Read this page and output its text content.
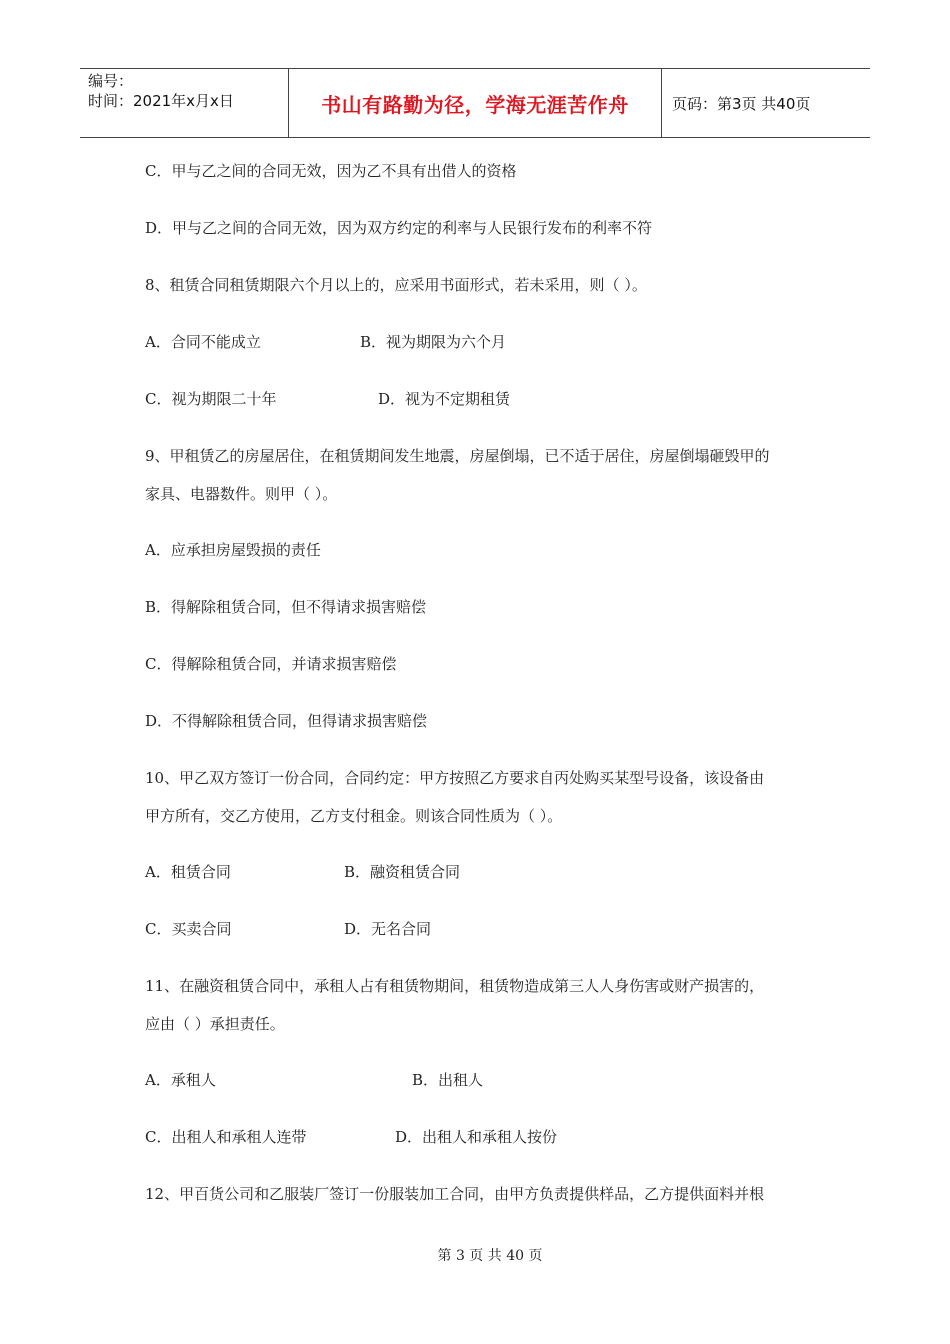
编号：
时间：2021年x月x日	书山有路勤为径，学海无涯苦作舟	页码：第3页 共40页
C．甲与乙之间的合同无效，因为乙不具有出借人的资格
D．甲与乙之间的合同无效，因为双方约定的利率与人民银行发布的利率不符
8、租赁合同租赁期限六个月以上的，应采用书面形式，若未采用，则（ ）。
A．合同不能成立	B．视为期限为六个月
C．视为期限二十年	D．视为不定期租赁
9、甲租赁乙的房屋居住，在租赁期间发生地震，房屋倒塌，已不适于居住，房屋倒塌砸毁甲的
家具、电器数件。则甲（ ）。
A．应承担房屋毁损的责任
B．得解除租赁合同，但不得请求损害赔偿
C．得解除租赁合同，并请求损害赔偿
D．不得解除租赁合同，但得请求损害赔偿
10、甲乙双方签订一份合同，合同约定：甲方按照乙方要求自丙处购买某型号设备，该设备由
甲方所有，交乙方使用，乙方支付租金。则该合同性质为（ ）。
A．租赁合同	B．融资租赁合同
C．买卖合同	D．无名合同
11、在融资租赁合同中，承租人占有租赁物期间，租赁物造成第三人人身伤害或财产损害的，
应由（ ）承担责任。
A．承租人	B．出租人
C．出租人和承租人连带	D．出租人和承租人按份
12、甲百货公司和乙服装厂签订一份服装加工合同，由甲方负责提供样品，乙方提供面料并根
第 3 页 共 40 页
